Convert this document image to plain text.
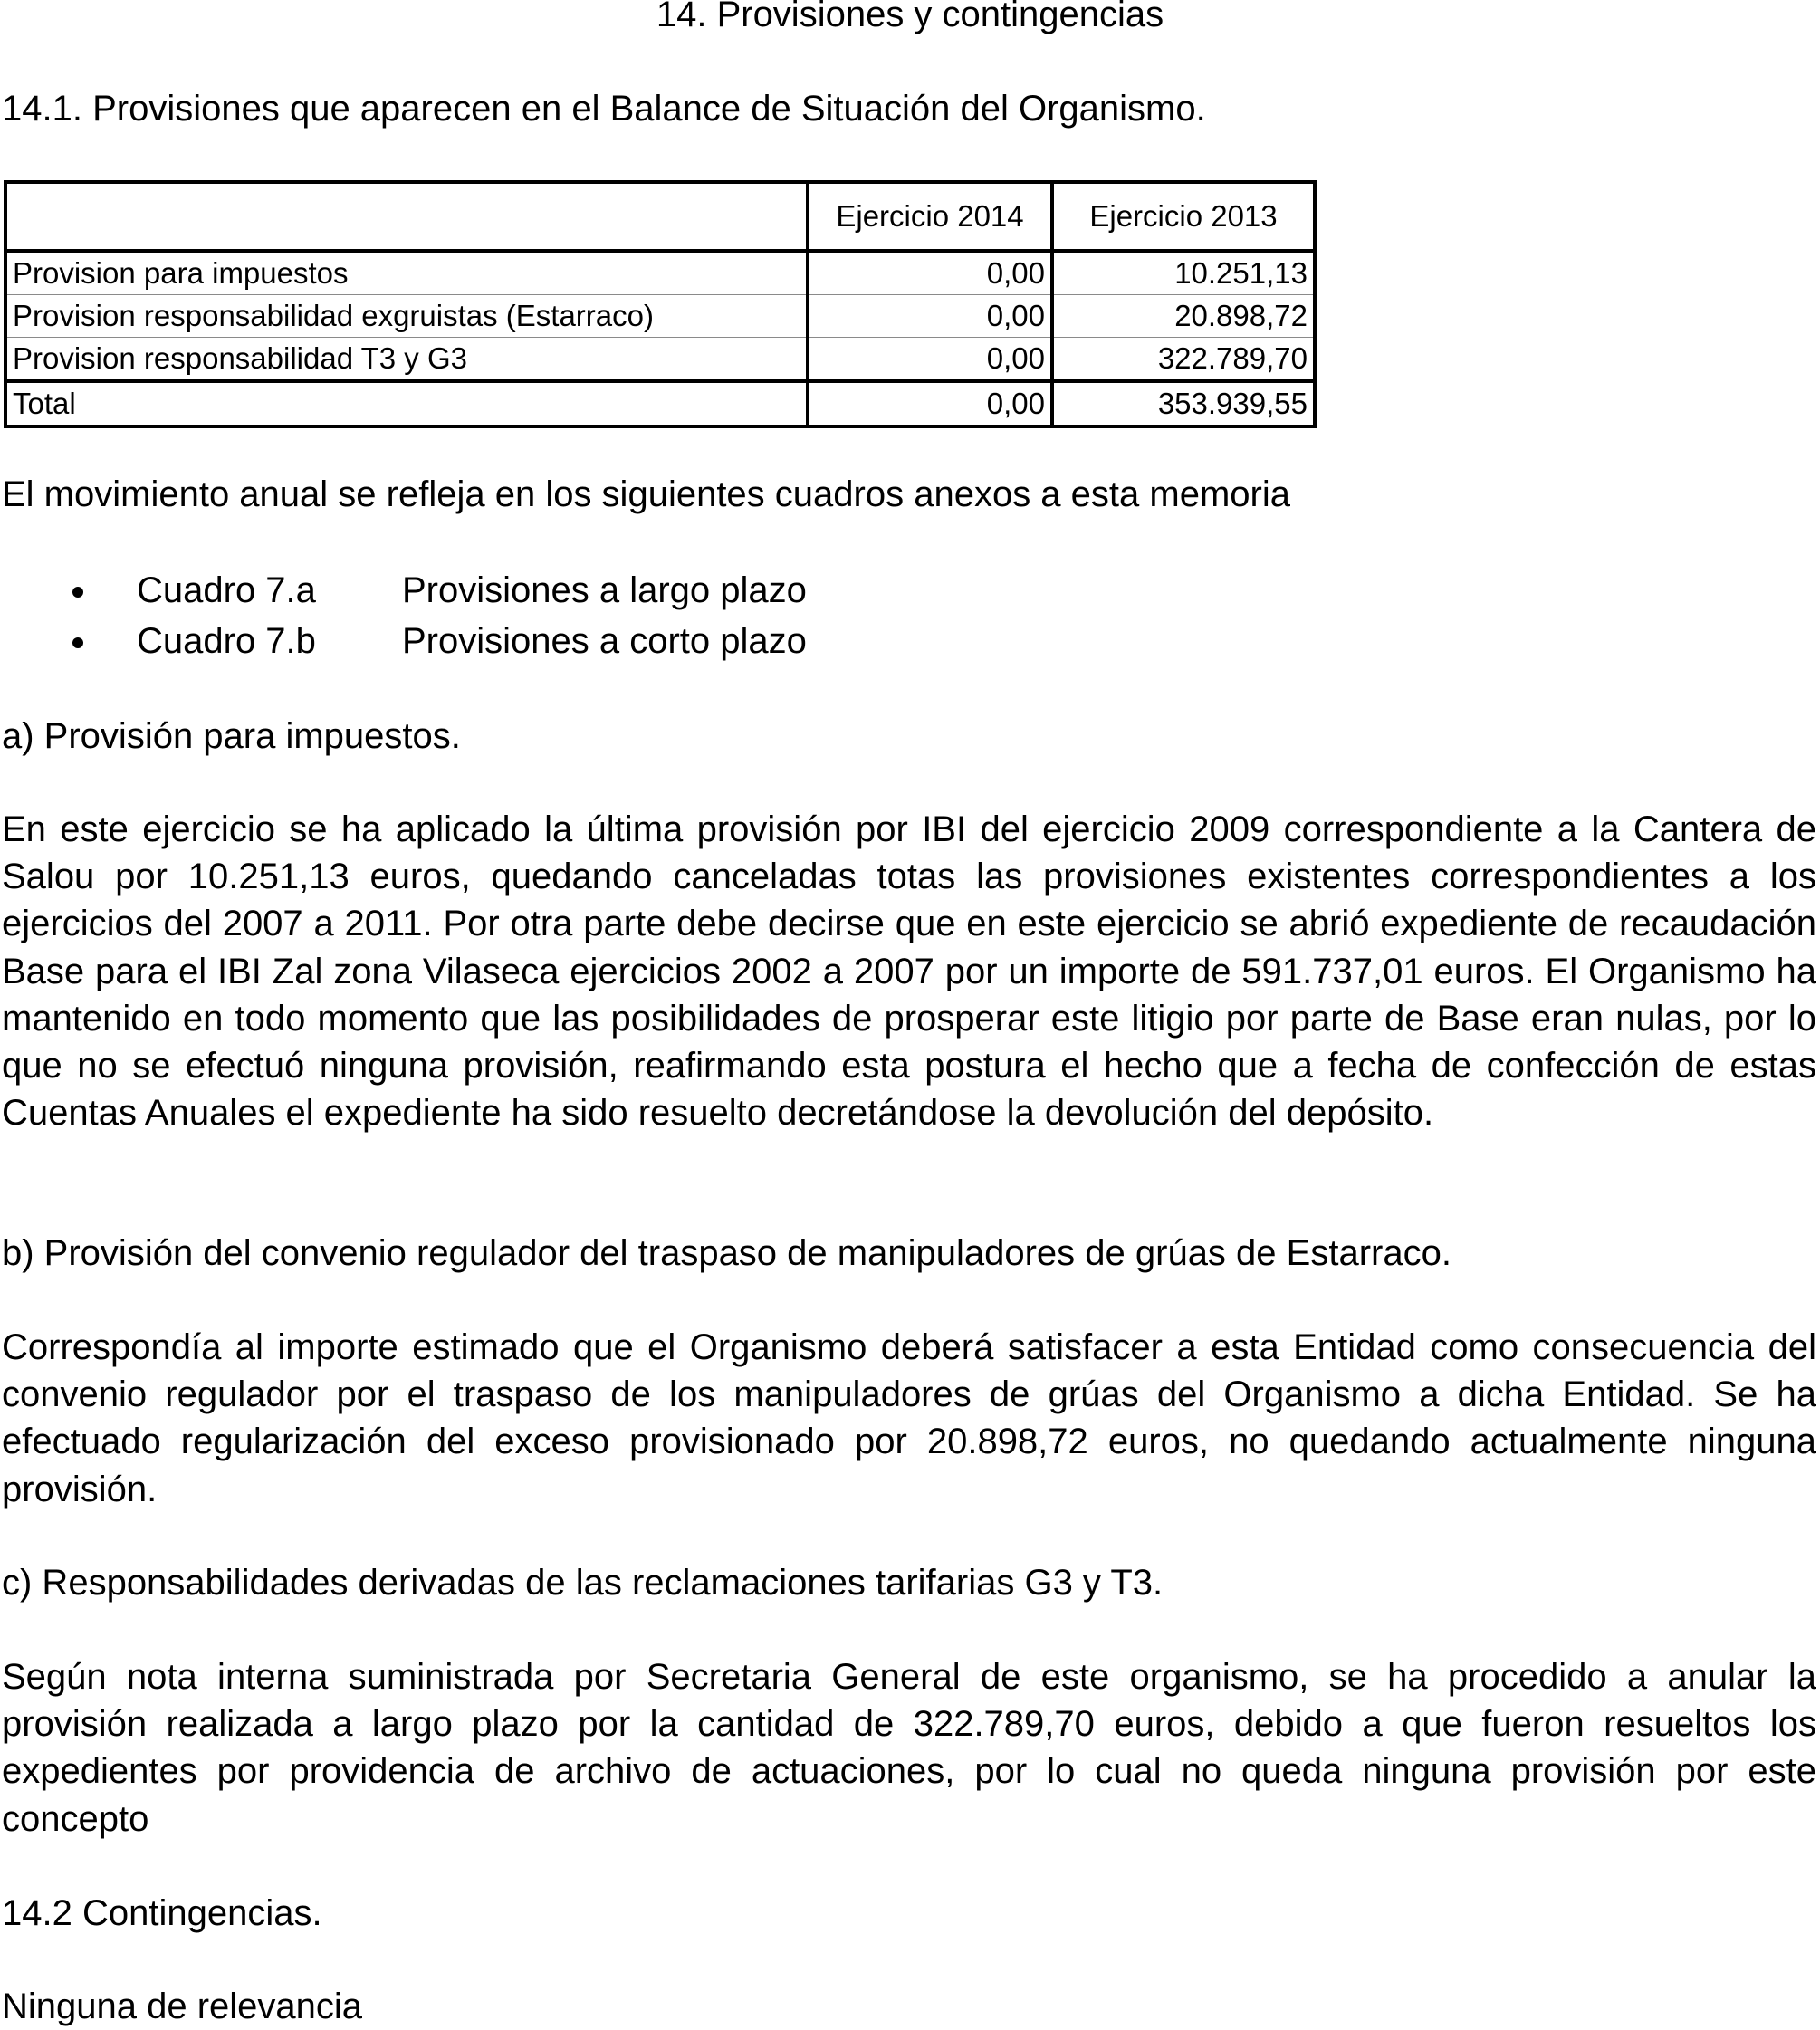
14. Provisiones y contingencias
14.1. Provisiones que aparecen en el Balance de Situación del Organismo.
	Ejercicio 2014	Ejercicio 2013
Provision para impuestos	0,00	10.251,13
Provision responsabilidad exgruistas (Estarraco)	0,00	20.898,72
Provision responsabilidad T3 y G3	0,00	322.789,70
Total	0,00	353.939,55
El movimiento anual se refleja en los siguientes cuadros anexos a esta memoria
Cuadro 7.a Provisiones a largo plazo
Cuadro 7.b Provisiones a corto plazo
a) Provisión para impuestos.
En este ejercicio se ha aplicado la última provisión por IBI del ejercicio 2009 correspondiente a la Cantera de Salou por 10.251,13 euros, quedando canceladas totas las provisiones existentes correspondientes a los ejercicios del 2007 a 2011. Por otra parte debe decirse que en este ejercicio se abrió expediente de recaudación Base para el IBI Zal zona Vilaseca ejercicios 2002 a 2007 por un importe de 591.737,01 euros. El Organismo ha mantenido en todo momento que las posibilidades de prosperar este litigio por parte de Base eran nulas, por lo que no se efectuó ninguna provisión, reafirmando esta postura el hecho que a fecha de confección de estas Cuentas Anuales el expediente ha sido resuelto decretándose la devolución del depósito.
b) Provisión del convenio regulador del traspaso de manipuladores de grúas de Estarraco.
Correspondía al importe estimado que el Organismo deberá satisfacer a esta Entidad como consecuencia del convenio regulador por el traspaso de los manipuladores de grúas del Organismo a dicha Entidad. Se ha efectuado regularización del exceso provisionado por 20.898,72 euros, no quedando actualmente ninguna provisión.
c) Responsabilidades derivadas de las reclamaciones tarifarias G3 y T3.
Según nota interna suministrada por Secretaria General de este organismo, se ha procedido a anular la provisión realizada a largo plazo por la cantidad de 322.789,70 euros, debido a que fueron resueltos los expedientes por providencia de archivo de actuaciones, por lo cual no queda ninguna provisión por este concepto
14.2 Contingencias.
Ninguna de relevancia
